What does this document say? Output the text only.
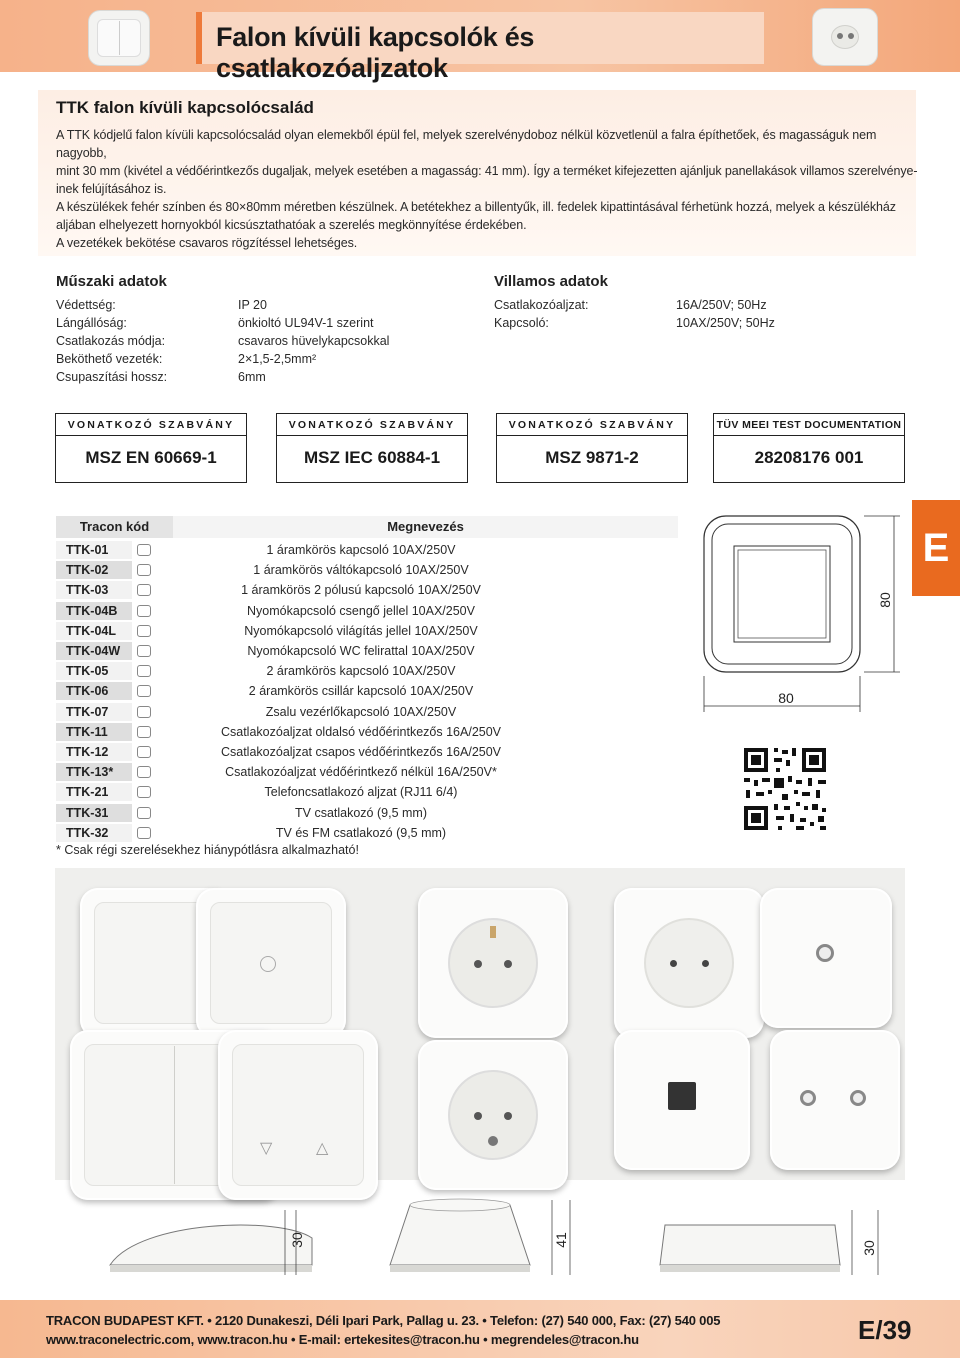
Falon kívüli kapcsolók és csatlakozóaljzatok
TTK falon kívüli kapcsolócsalád
A TTK kódjelű falon kívüli kapcsolócsalád olyan elemekből épül fel, melyek szerelvénydoboz nélkül közvetlenül a falra építhetőek, és magasságuk nem nagyobb,
mint 30 mm (kivétel a védőérintkezős dugaljak, melyek esetében a magasság: 41 mm). Így a terméket kifejezetten ajánljuk panellakások villamos szerelvénye-
inek felújításához is.
A készülékek fehér színben és 80×80mm méretben készülnek. A betétekhez a billentyűk, ill. fedelek kipattintásával férhetünk hozzá, melyek a készülékház
aljában elhelyezett hornyokból kicsúsztathatóak a szerelés megkönnyítése érdekében.
A vezetékek bekötése csavaros rögzítéssel lehetséges.
Műszaki adatok
Védettség:	IP 20
Lángállóság:	önkioltó UL94V-1 szerint
Csatlakozás módja:	csavaros hüvelykapcsokkal
Beköthető vezeték:	2×1,5-2,5mm²
Csupaszítási hossz:	6mm
Villamos adatok
Csatlakozóaljzat:	16A/250V; 50Hz
Kapcsoló:	10AX/250V; 50Hz
VONATKOZÓ SZABVÁNY
MSZ EN 60669-1
VONATKOZÓ SZABVÁNY
MSZ IEC 60884-1
VONATKOZÓ SZABVÁNY
MSZ 9871-2
TÜV MEEI TEST DOCUMENTATION
28208176 001
Tracon kód	Megnevezés
TTK-01	1 áramkörös kapcsoló 10AX/250V
TTK-02	1 áramkörös váltókapcsoló 10AX/250V
TTK-03	1 áramkörös 2 pólusú kapcsoló 10AX/250V
TTK-04B	Nyomókapcsoló csengő jellel 10AX/250V
TTK-04L	Nyomókapcsoló világítás jellel 10AX/250V
TTK-04W	Nyomókapcsoló WC felirattal 10AX/250V
TTK-05	2 áramkörös kapcsoló 10AX/250V
TTK-06	2 áramkörös csillár kapcsoló 10AX/250V
TTK-07	Zsalu vezérlőkapcsoló 10AX/250V
TTK-11	Csatlakozóaljzat oldalsó védőérintkezős 16A/250V
TTK-12	Csatlakozóaljzat csapos védőérintkezős 16A/250V
TTK-13*	Csatlakozóaljzat védőérintkező nélkül 16A/250V*
TTK-21	Telefoncsatlakozó aljzat (RJ11 6/4)
TTK-31	TV csatlakozó (9,5 mm)
TTK-32	TV és FM csatlakozó (9,5 mm)
* Csak régi szerelésekhez hiánypótlásra alkalmazható!
E
80
80
▽	△
30	41
30
TRACON BUDAPEST KFT. • 2120 Dunakeszi, Déli Ipari Park, Pallag u. 23. • Telefon: (27) 540 000, Fax: (27) 540 005
www.traconelectric.com, www.tracon.hu • E-mail: ertekesites@tracon.hu • megrendeles@tracon.hu	E/39
